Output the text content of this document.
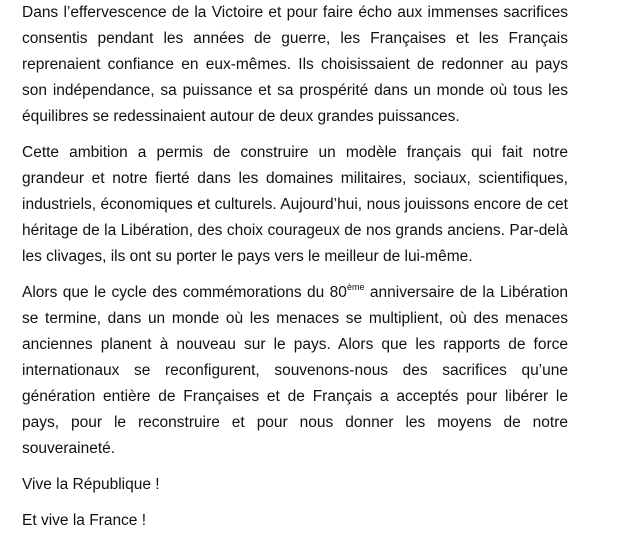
Dans l’effervescence de la Victoire et pour faire écho aux immenses sacrifices consentis pendant les années de guerre, les Françaises et les Français reprenaient confiance en eux-mêmes. Ils choisissaient de redonner au pays son indépendance, sa puissance et sa prospérité dans un monde où tous les équilibres se redessinaient autour de deux grandes puissances.

Cette ambition a permis de construire un modèle français qui fait notre grandeur et notre fierté dans les domaines militaires, sociaux, scientifiques, industriels, économiques et culturels. Aujourd’hui, nous jouissons encore de cet héritage de la Libération, des choix courageux de nos grands anciens. Par-delà les clivages, ils ont su porter le pays vers le meilleur de lui-même.

Alors que le cycle des commémorations du 80ème anniversaire de la Libération se termine, dans un monde où les menaces se multiplient, où des menaces anciennes planent à nouveau sur le pays. Alors que les rapports de force internationaux se reconfigurent, souvenons-nous des sacrifices qu’une génération entière de Françaises et de Français a acceptés pour libérer le pays, pour le reconstruire et pour nous donner les moyens de notre souveraineté.

Vive la République !

Et vive la France !
